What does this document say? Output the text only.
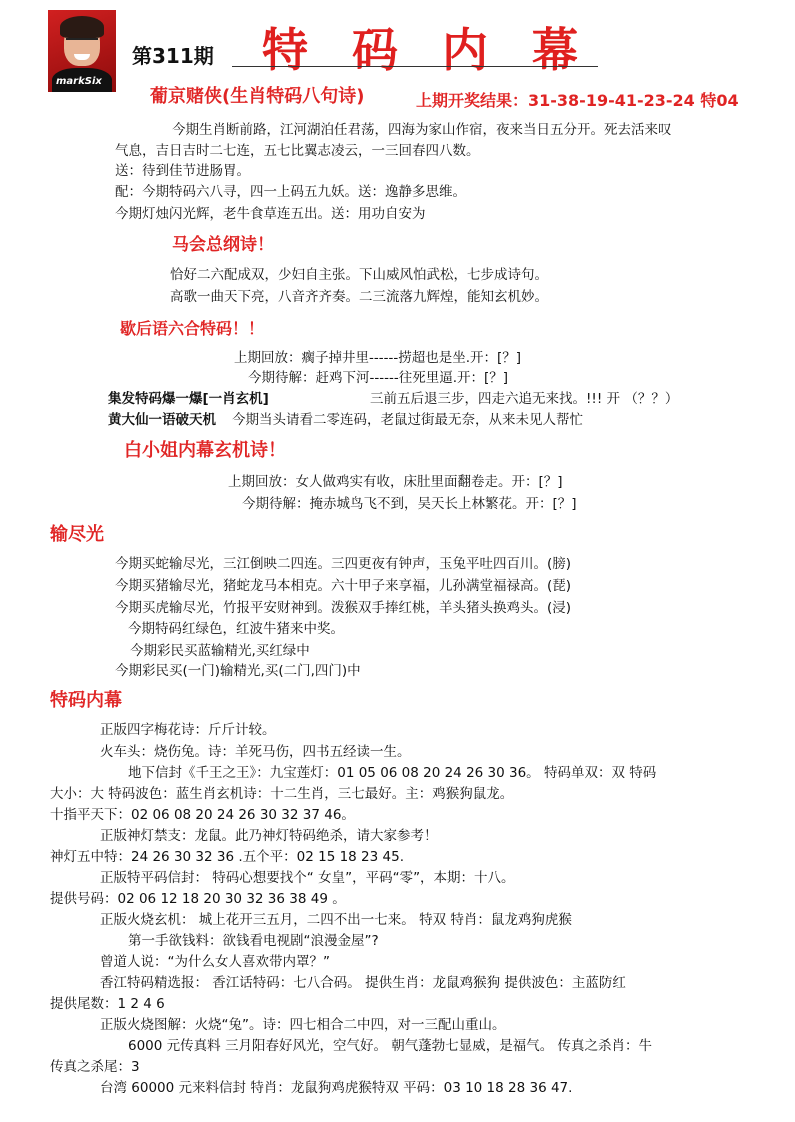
markSix
第311期 特码内幕
葡京赌侠(生肖特码八句诗)	上期开奖结果：31-38-19-41-23-24 特04
今期生肖断前路，江河湖泊任君荡，四海为家山作宿，夜来当日五分开。死去活来叹
气息，吉日吉时二七连，五七比翼志凌云，一三回春四八数。
送：待到佳节进肠胃。
配：今期特码六八寻，四一上码五九妖。送：逸静多思维。
今期灯烛闪光辉，老牛食草连五出。送：用功自安为
马会总纲诗！
恰好二六配成双，少妇自主张。下山威风怕武松，七步成诗句。
高歌一曲天下亮，八音齐齐奏。二三流落九辉煌，能知玄机妙。
歇后语六合特码！！
上期回放：瘸子掉井里------捞超也是坐.开：[？]
今期待解：赶鸡下河------往死里逼.开：[？]
集发特码爆一爆[一肖玄机]	三前五后退三步，四走六追无来找。!!! 开 （？？）
黄大仙一语破天机 今期当头请看二零连码，老鼠过街最无奈，从来未见人帮忙
白小姐内幕玄机诗！
上期回放：女人做鸡实有收，床肚里面翻卷走。开：[？]
今期待解：掩赤城鸟飞不到，吴天长上林繁花。开：[？]
输尽光
今期买蛇输尽光，三江倒映二四连。三四更夜有钟声，玉兔平吐四百川。(膀)
今期买猪输尽光，猪蛇龙马本相克。六十甲子来享福，儿孙满堂福禄高。(琵)
今期买虎输尽光，竹报平安财神到。泼猴双手捧红桃，羊头猪头换鸡头。(浸)
今期特码红绿色，红波牛猪来中奖。
今期彩民买蓝输精光,买红绿中
今期彩民买(一门)输精光,买(二门,四门)中
特码内幕
正版四字梅花诗：斤斤计较。
火车头：烧伤兔。诗：羊死马伤，四书五经读一生。
地下信封《千王之王》：九宝莲灯：01 05 06 08 20 24 26 30 36。 特码单双：双 特码
大小：大 特码波色：蓝生肖玄机诗：十二生肖，三七最好。主：鸡猴狗鼠龙。
十指平天下：02 06 08 20 24 26 30 32 37 46。
正版神灯禁支：龙鼠。此乃神灯特码绝杀，请大家参考！
神灯五中特：24 26 30 32 36 .五个平：02 15 18 23 45.
正版特平码信封： 特码心想要找个“ 女皇”，平码“零”，本期：十八。
提供号码：02 06 12 18 20 30 32 36 38 49 。
正版火烧玄机： 城上花开三五月，二四不出一七来。 特双 特肖：鼠龙鸡狗虎猴
第一手欲钱料：欲钱看电视剧“浪漫金屋”?
曾道人说：“为什么女人喜欢带内罩？”
香江特码精选报： 香江话特码：七八合码。 提供生肖：龙鼠鸡猴狗 提供波色：主蓝防红
提供尾数：1 2 4 6
正版火烧图解：火烧“兔”。诗：四七相合二中四，对一三配山重山。
6000 元传真料 三月阳春好风光，空气好。 朝气蓬勃七显威，是福气。 传真之杀肖：牛
传真之杀尾：3
台湾 60000 元来料信封 特肖：龙鼠狗鸡虎猴特双 平码：03 10 18 28 36 47.
